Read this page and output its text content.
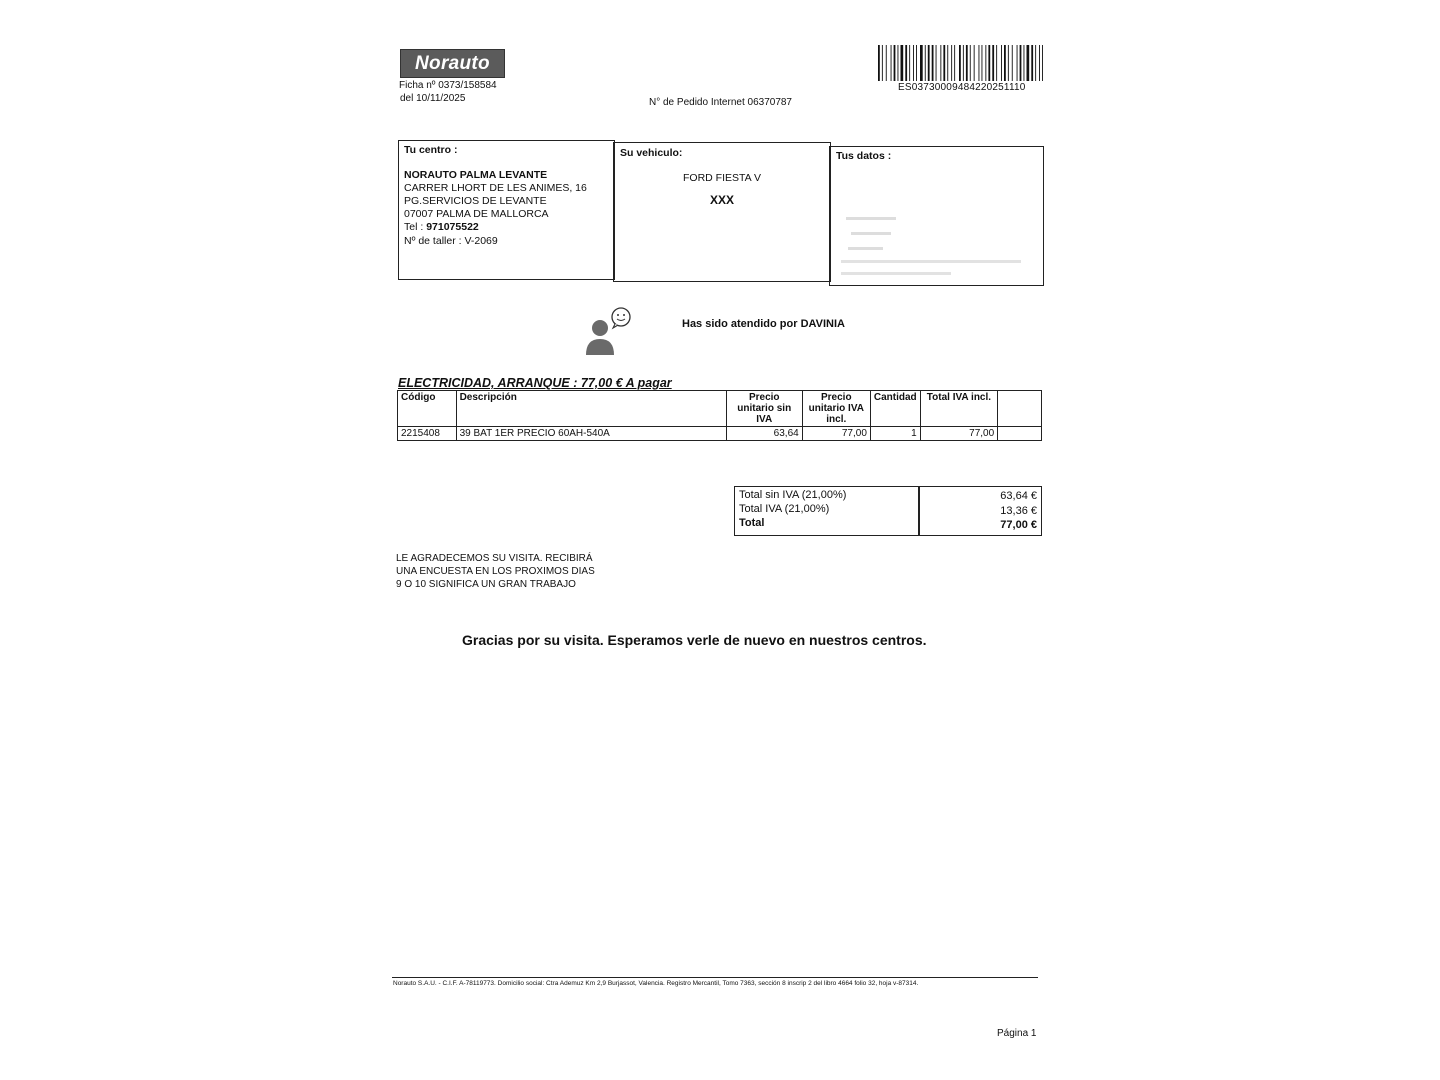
Norauto
Ficha nº 0373/158584
del 10/11/2025	N° de Pedido Internet 06370787
ES03730009484220251110
Tu centro :
NORAUTO PALMA LEVANTE
CARRER LHORT DE LES ANIMES, 16
PG.SERVICIOS DE LEVANTE
07007 PALMA DE MALLORCA
Tel : 971075522
Nº de taller : V-2069
Su vehiculo:
FORD FIESTA V
XXX
Tus datos :
Has sido atendido por DAVINIA
ELECTRICIDAD, ARRANQUE : 77,00 € A pagar
Código	Descripción	Precio unitario sin IVA	Precio unitario IVA incl.	Cantidad	Total IVA incl.	
2215408	39 BAT 1ER PRECIO 60AH-540A	63,64	77,00	1	77,00	
Total sin IVA (21,00%)	63,64 €
Total IVA (21,00%)	13,36 €
Total	77,00 €
LE AGRADECEMOS SU VISITA. RECIBIRÁ
UNA ENCUESTA EN LOS PROXIMOS DIAS
9 O 10 SIGNIFICA UN GRAN TRABAJO
Gracias por su visita. Esperamos verle de nuevo en nuestros centros.
Norauto S.A.U. - C.I.F. A-78119773. Domicilio social: Ctra Ademuz Km 2,9 Burjassot, Valencia. Registro Mercantil, Tomo 7363, sección 8 inscrip 2 del libro 4664 folio 32, hoja v-87314.
Página 1
